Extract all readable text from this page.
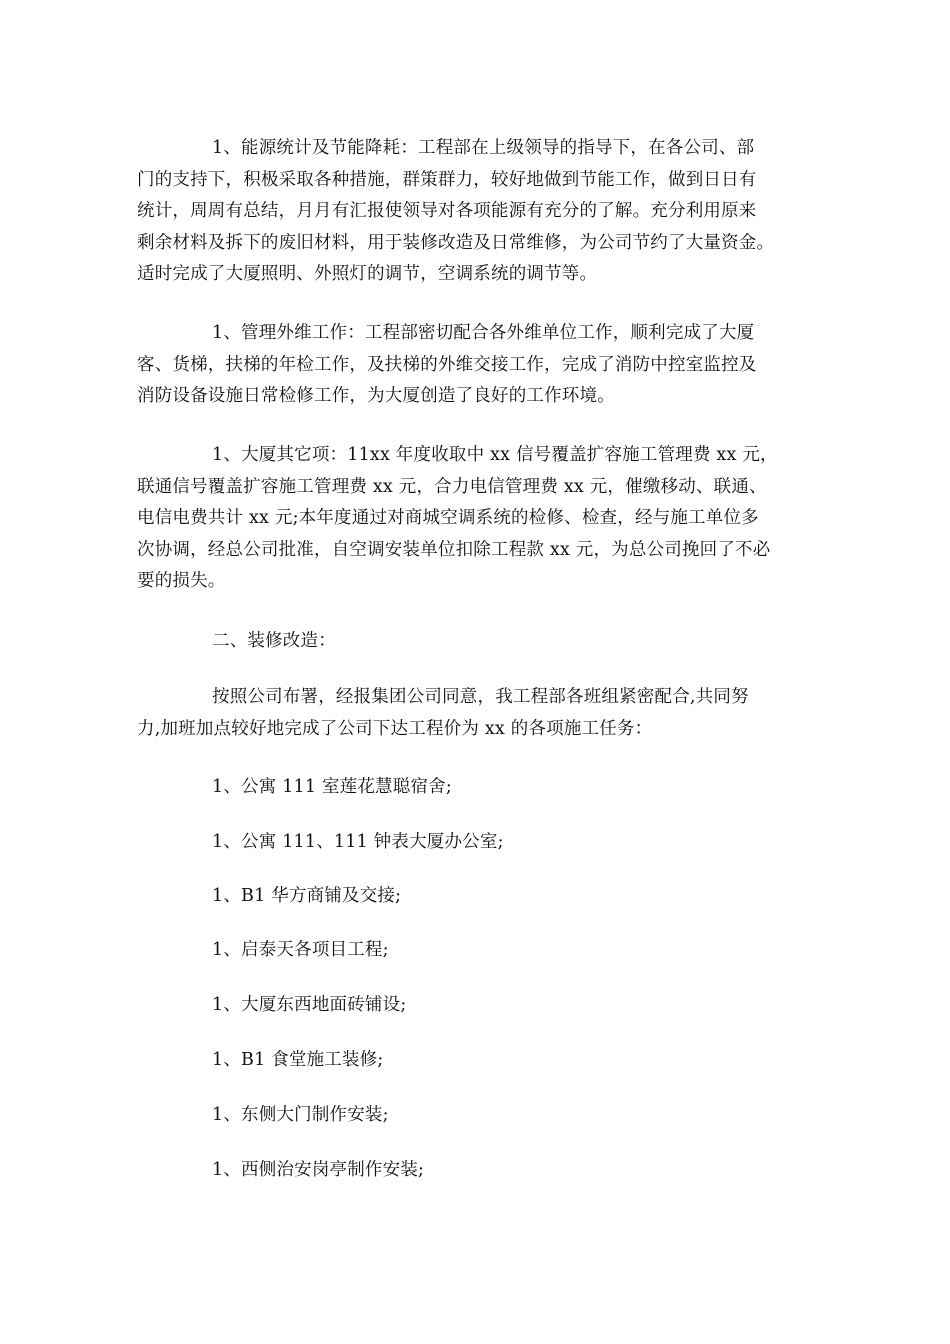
1、能源统计及节能降耗：工程部在上级领导的指导下，在各公司、部
门的支持下，积极采取各种措施，群策群力，较好地做到节能工作，做到日日有
统计，周周有总结，月月有汇报使领导对各项能源有充分的了解。充分利用原来
剩余材料及拆下的废旧材料，用于装修改造及日常维修，为公司节约了大量资金。
适时完成了大厦照明、外照灯的调节，空调系统的调节等。
1、管理外维工作：工程部密切配合各外维单位工作，顺利完成了大厦
客、货梯，扶梯的年检工作，及扶梯的外维交接工作，完成了消防中控室监控及
消防设备设施日常检修工作，为大厦创造了良好的工作环境。
1、大厦其它项：11xx 年度收取中 xx 信号覆盖扩容施工管理费 xx 元，
联通信号覆盖扩容施工管理费 xx 元，合力电信管理费 xx 元，催缴移动、联通、
电信电费共计 xx 元;本年度通过对商城空调系统的检修、检查，经与施工单位多
次协调，经总公司批准，自空调安装单位扣除工程款 xx 元，为总公司挽回了不必
要的损失。
二、装修改造：
按照公司布署，经报集团公司同意，我工程部各班组紧密配合,共同努
力,加班加点较好地完成了公司下达工程价为 xx 的各项施工任务：
1、公寓 111 室莲花慧聪宿舍;
1、公寓 111、111 钟表大厦办公室;
1、B1 华方商铺及交接;
1、启泰天各项目工程;
1、大厦东西地面砖铺设;
1、B1 食堂施工装修;
1、东侧大门制作安装;
1、西侧治安岗亭制作安装;
